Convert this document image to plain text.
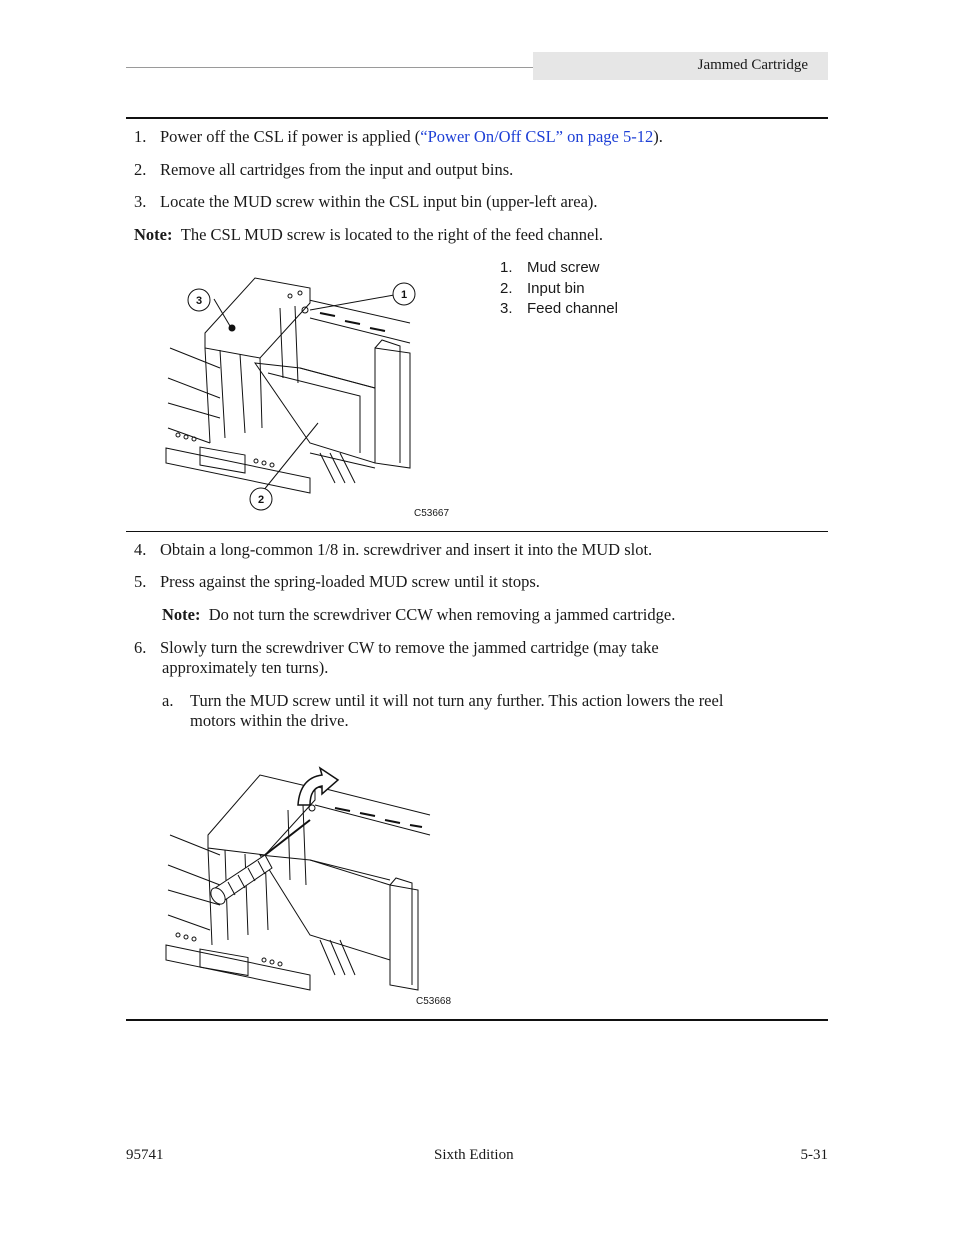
Jammed Cartridge
1. Power off the CSL if power is applied (“Power On/Off CSL” on page 5-12).
2. Remove all cartridges from the input and output bins.
3. Locate the MUD screw within the CSL input bin (upper-left area).
Note: The CSL MUD screw is located to the right of the feed channel.
3	1
2
C53667
1. Mud screw
2. Input bin
3. Feed channel
4. Obtain a long-common 1/8 in. screwdriver and insert it into the MUD slot.
5. Press against the spring-loaded MUD screw until it stops.
Note: Do not turn the screwdriver CCW when removing a jammed cartridge.
6. Slowly turn the screwdriver CW to remove the jammed cartridge (may take
approximately ten turns).
a. Turn the MUD screw until it will not turn any further. This action lowers the reel
motors within the drive.
C53668
95741	Sixth Edition	5-31
